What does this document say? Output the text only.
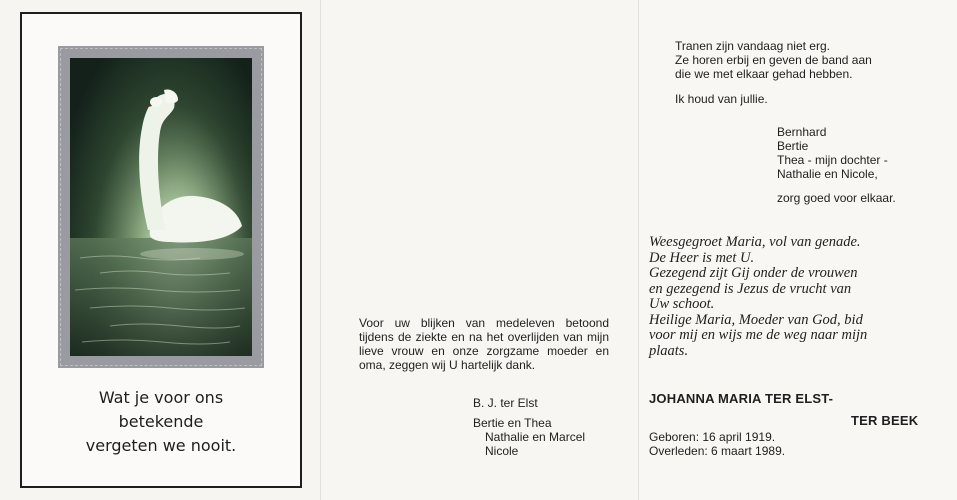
Wat je voor ons
betekende
vergeten we nooit.
Voor uw blijken van medeleven betoond tijdens de ziekte en na het overlijden van mijn lieve vrouw en onze zorgzame moeder en oma, zeggen wij U hartelijk dank.
B. J. ter Elst
Bertie en Thea
Nathalie en Marcel
Nicole
Tranen zijn vandaag niet erg.
Ze horen erbij en geven de band aan
die we met elkaar gehad hebben.
Ik houd van jullie.
Bernhard
Bertie
Thea - mijn dochter -
Nathalie en Nicole,
zorg goed voor elkaar.
Weesgegroet Maria, vol van genade.
De Heer is met U.
Gezegend zijt Gij onder de vrouwen
en gezegend is Jezus de vrucht van
Uw schoot.
Heilige Maria, Moeder van God, bid
voor mij en wijs me de weg naar mijn
plaats.
JOHANNA MARIA TER ELST-
TER BEEK
Geboren: 16 april 1919.
Overleden: 6 maart 1989.
